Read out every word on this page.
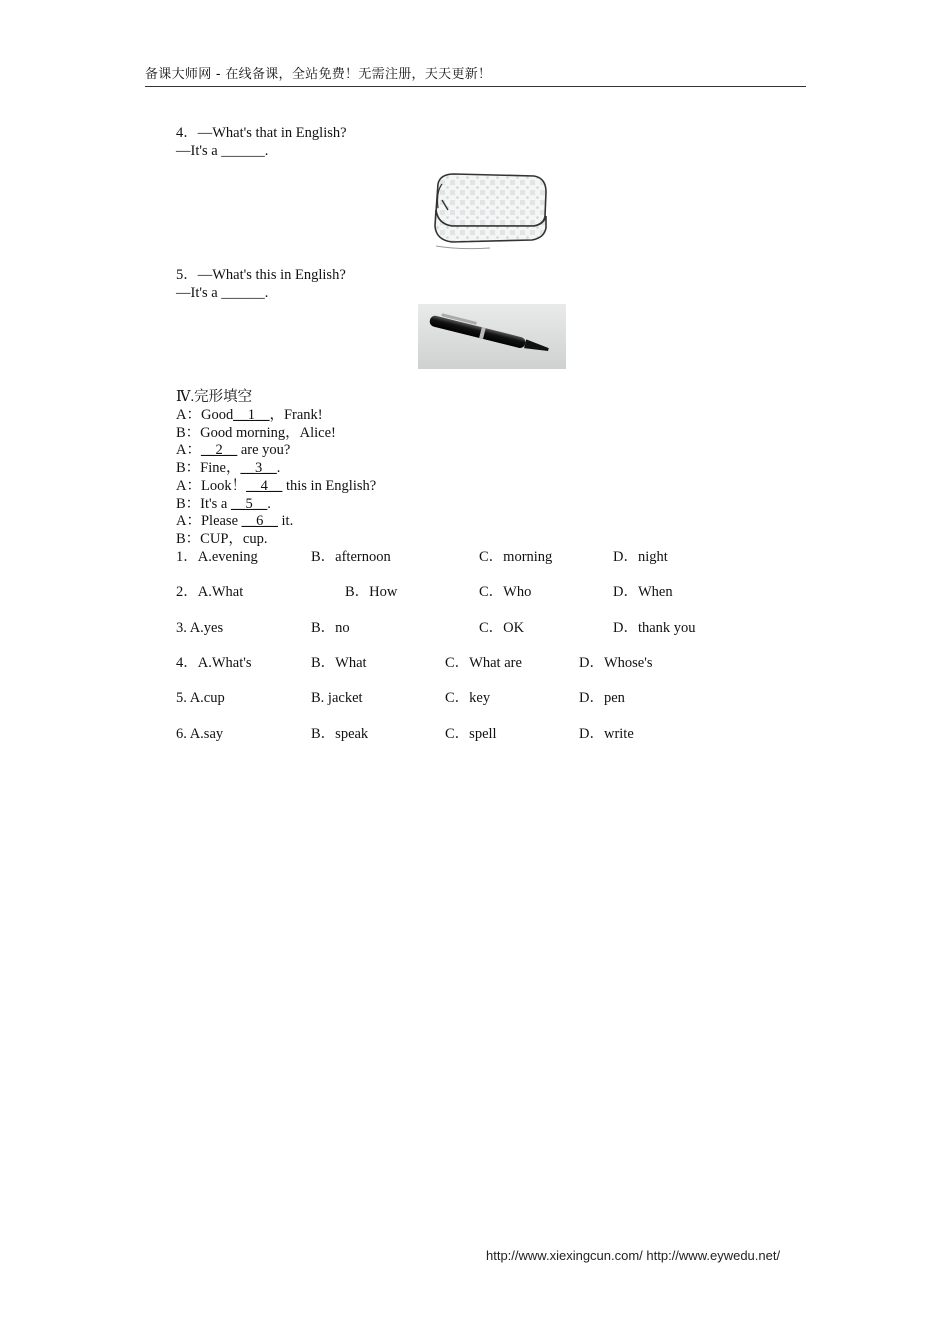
备课大师网 - 在线备课，全站免费！无需注册，天天更新！
4．—What's that in English?
—It's a ______.
5．—What's this in English?
—It's a ______.
Ⅳ.完形填空
A：Good__1__，Frank!
B：Good morning，Alice!
A：__2__ are you?
B：Fine，__3__.
A：Look！__4__ this in English?
B：It's a __5__.
A：Please __6__ it.
B：CUP，cup.
1．A.evening	B．afternoon	C．morning	D．night
2．A.What	B．How	C．Who	D．When
3. A.yes	B．no	C．OK	D．thank you
4．A.What's	B．What	C．What are	D．Whose's
5. A.cup	B. jacket	C．key	D．pen
6. A.say	B．speak	C．spell	D．write
http://www.xiexingcun.com/ http://www.eywedu.net/
